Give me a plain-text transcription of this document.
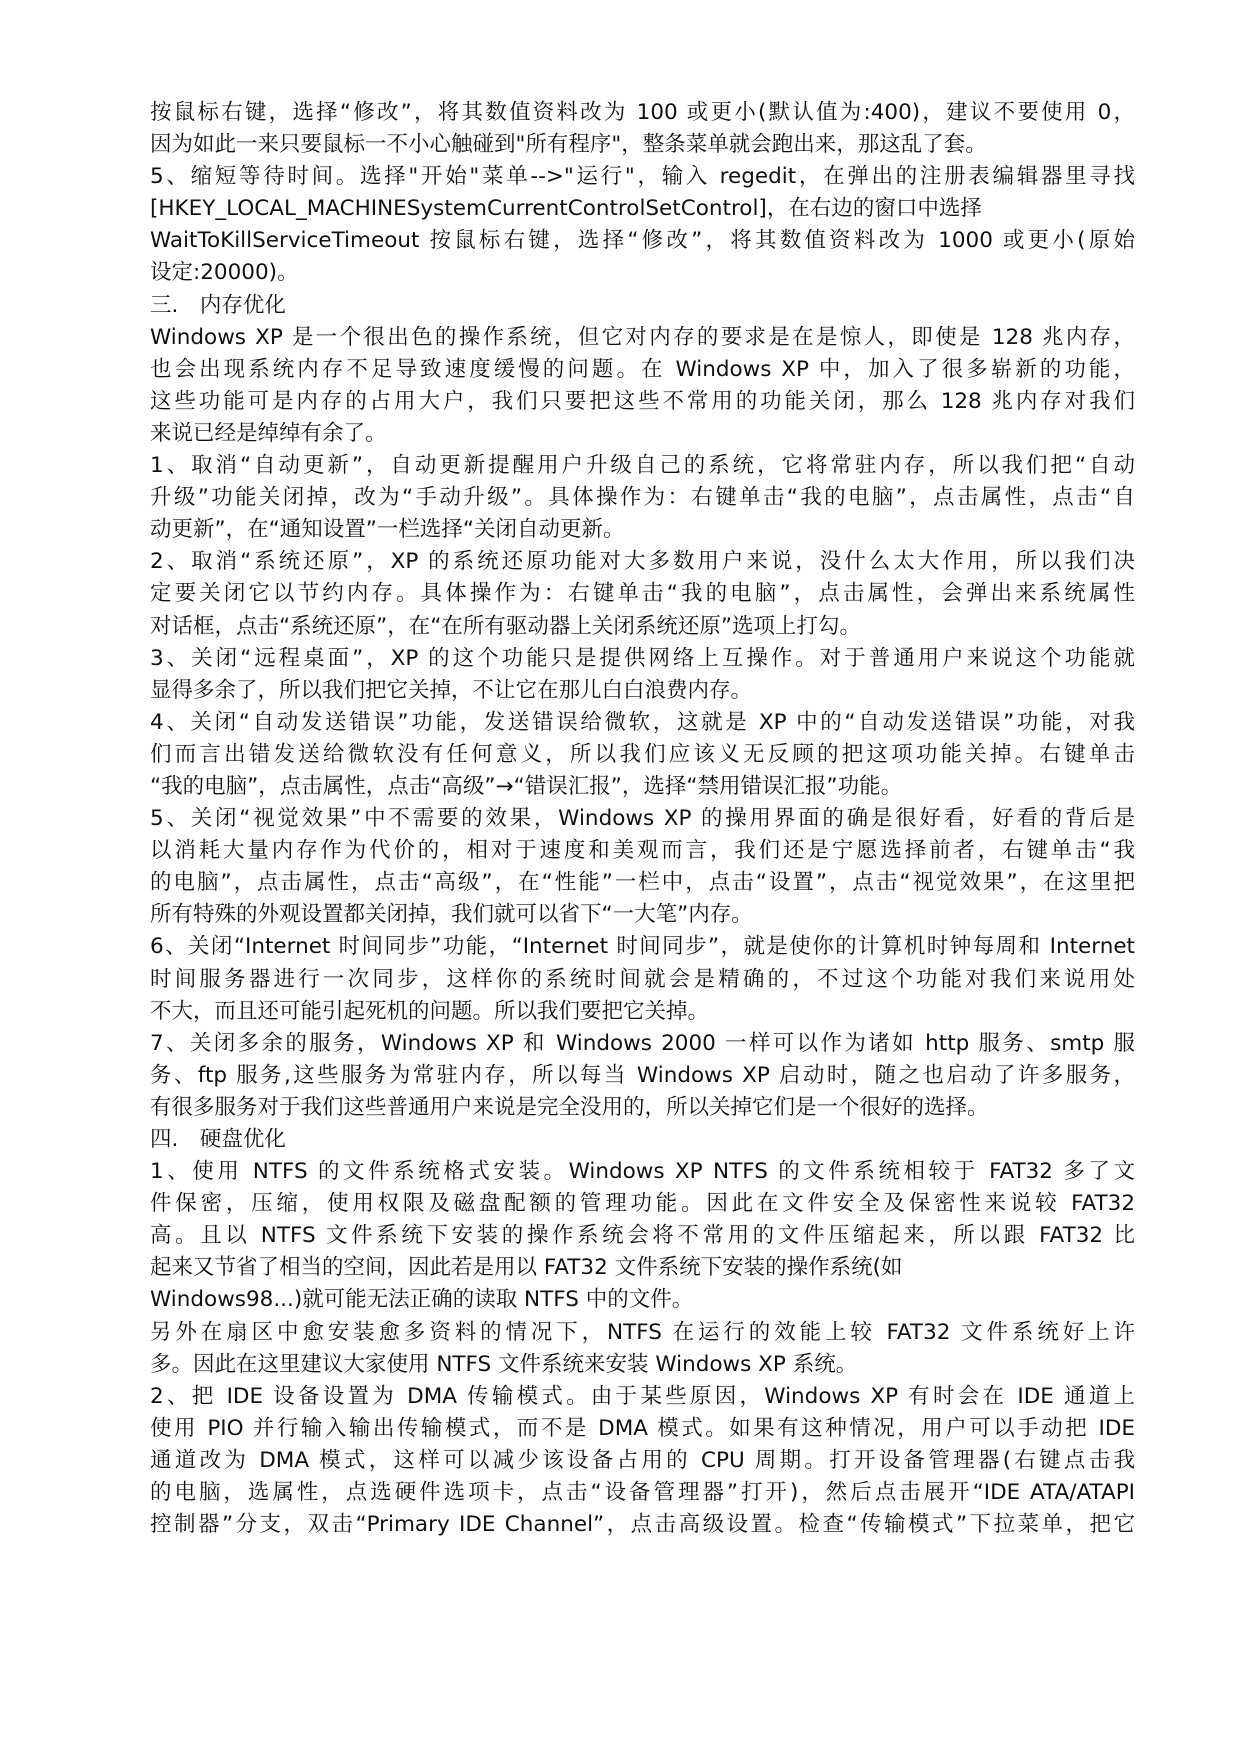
按鼠标右键，选择“修改”，将其数值资料改为 100 或更小(默认值为:400)，建议不要使用 0，
因为如此一来只要鼠标一不小心触碰到"所有程序"，整条菜单就会跑出来，那这乱了套。
5、缩短等待时间。选择"开始"菜单-->"运行"，输入 regedit，在弹出的注册表编辑器里寻找
[HKEY_LOCAL_MACHINESystemCurrentControlSetControl]，在右边的窗口中选择
WaitToKillServiceTimeout 按鼠标右键，选择“修改”，将其数值资料改为 1000 或更小(原始
设定:20000)。
三.　内存优化
Windows XP 是一个很出色的操作系统，但它对内存的要求是在是惊人，即使是 128 兆内存，
也会出现系统内存不足导致速度缓慢的问题。在 Windows XP 中，加入了很多崭新的功能，
这些功能可是内存的占用大户，我们只要把这些不常用的功能关闭，那么 128 兆内存对我们
来说已经是绰绰有余了。
1、取消“自动更新”，自动更新提醒用户升级自己的系统，它将常驻内存，所以我们把“自动
升级”功能关闭掉，改为“手动升级”。具体操作为：右键单击“我的电脑”，点击属性，点击“自
动更新”，在“通知设置”一栏选择“关闭自动更新。
2、取消“系统还原”，XP 的系统还原功能对大多数用户来说，没什么太大作用，所以我们决
定要关闭它以节约内存。具体操作为：右键单击“我的电脑”，点击属性，会弹出来系统属性
对话框，点击“系统还原”，在“在所有驱动器上关闭系统还原”选项上打勾。
3、关闭“远程桌面”，XP 的这个功能只是提供网络上互操作。对于普通用户来说这个功能就
显得多余了，所以我们把它关掉，不让它在那儿白白浪费内存。
4、关闭“自动发送错误”功能，发送错误给微软，这就是 XP 中的“自动发送错误”功能，对我
们而言出错发送给微软没有任何意义，所以我们应该义无反顾的把这项功能关掉。右键单击
“我的电脑”，点击属性，点击“高级”→“错误汇报”，选择“禁用错误汇报”功能。
5、关闭“视觉效果”中不需要的效果，Windows XP 的操用界面的确是很好看，好看的背后是
以消耗大量内存作为代价的，相对于速度和美观而言，我们还是宁愿选择前者，右键单击“我
的电脑”，点击属性，点击“高级”，在“性能”一栏中，点击“设置”，点击“视觉效果”，在这里把
所有特殊的外观设置都关闭掉，我们就可以省下“一大笔”内存。
6、关闭“Internet 时间同步”功能，“Internet 时间同步”，就是使你的计算机时钟每周和 Internet
时间服务器进行一次同步，这样你的系统时间就会是精确的，不过这个功能对我们来说用处
不大，而且还可能引起死机的问题。所以我们要把它关掉。
7、关闭多余的服务，Windows XP 和 Windows 2000 一样可以作为诸如 http 服务、smtp 服
务、ftp 服务,这些服务为常驻内存，所以每当 Windows XP 启动时，随之也启动了许多服务，
有很多服务对于我们这些普通用户来说是完全没用的，所以关掉它们是一个很好的选择。
四.　硬盘优化
1、使用 NTFS 的文件系统格式安装。Windows XP NTFS 的文件系统相较于 FAT32 多了文
件保密，压缩，使用权限及磁盘配额的管理功能。因此在文件安全及保密性来说较 FAT32
高。且以 NTFS 文件系统下安装的操作系统会将不常用的文件压缩起来，所以跟 FAT32 比
起来又节省了相当的空间，因此若是用以 FAT32 文件系统下安装的操作系统(如
Windows98...)就可能无法正确的读取 NTFS 中的文件。
另外在扇区中愈安装愈多资料的情况下，NTFS 在运行的效能上较 FAT32 文件系统好上许
多。因此在这里建议大家使用 NTFS 文件系统来安装 Windows XP 系统。
2、把 IDE 设备设置为 DMA 传输模式。由于某些原因，Windows XP 有时会在 IDE 通道上
使用 PIO 并行输入输出传输模式，而不是 DMA 模式。如果有这种情况，用户可以手动把 IDE
通道改为 DMA 模式，这样可以减少该设备占用的 CPU 周期。打开设备管理器(右键点击我
的电脑，选属性，点选硬件选项卡，点击“设备管理器”打开)，然后点击展开“IDE ATA/ATAPI
控制器”分支，双击“Primary IDE Channel”，点击高级设置。检查“传输模式”下拉菜单，把它
